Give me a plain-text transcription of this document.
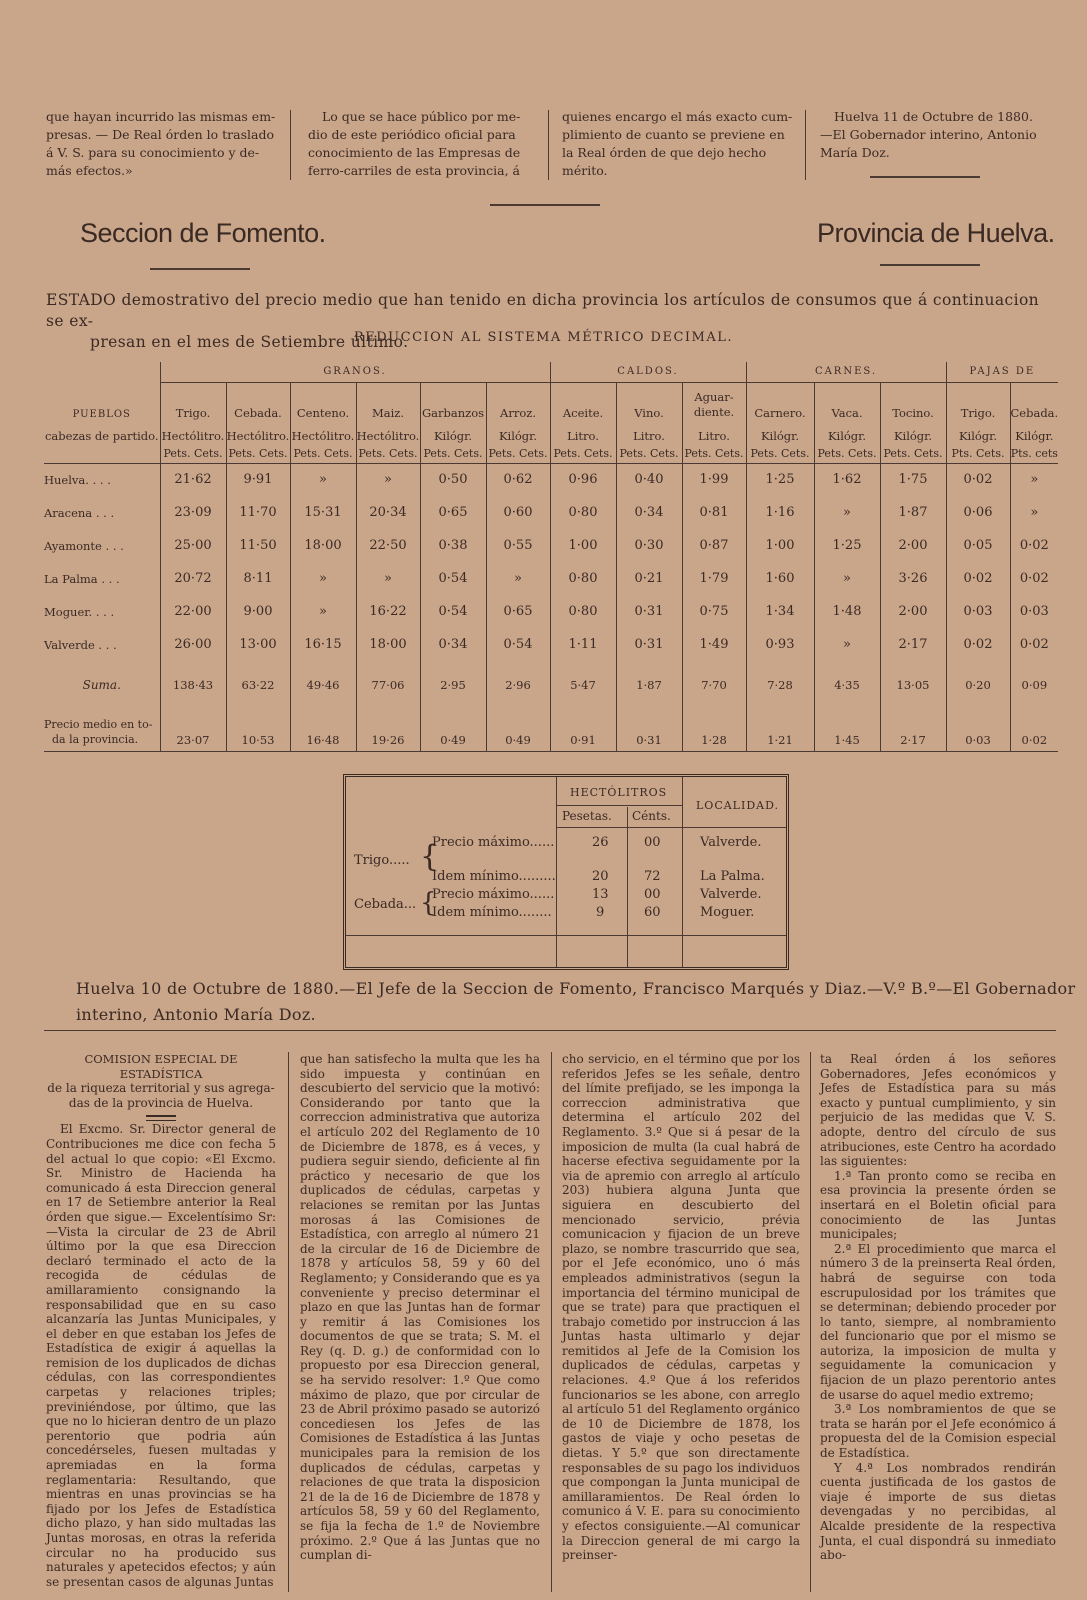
que hayan incurrido las mismas em-

presas. — De Real órden lo traslado

á V. S. para su conocimiento y de-

más efectos.»

Lo que se hace público por me-

dio de este periódico oficial para

conocimiento de las Empresas de

ferro-carriles de esta provincia, á

quienes encargo el más exacto cum-

plimiento de cuanto se previene en

la Real órden de que dejo hecho

mérito.

Huelva 11 de Octubre de 1880.

—El Gobernador interino, Antonio

María Doz.

Seccion de Fomento.	Provincia de Huelva.
ESTADO demostrativo del precio medio que han tenido en dicha provincia los artículos de consumos que á continuacion se ex-
presan en el mes de Setiembre último.
REDUCCION AL SISTEMA MÉTRICO DECIMAL.
	GRANOS.						CALDOS.			CARNES.			PAJAS DE	
PUEBLOS	Trigo.	Cebada.	Centeno.	Maiz.	Garbanzos	Arroz.	Aceite.	Vino.	Aguar-diente.	Carnero.	Vaca.	Tocino.	Trigo.	Cebada.
cabezas de partido.	Hectólitro.	Hectólitro.	Hectólitro.	Hectólitro.	Kilógr.	Kilógr.	Litro.	Litro.	Litro.	Kilógr.	Kilógr.	Kilógr.	Kilógr.	Kilógr.
	Pets. Cets.	Pets. Cets.	Pets. Cets.	Pets. Cets.	Pets. Cets.	Pets. Cets.	Pets. Cets.	Pets. Cets.	Pets. Cets.	Pets. Cets.	Pets. Cets.	Pets. Cets.	Pts. Cets.	Pts. cets
Huelva. . . .	21·62	9·91	»	»	0·50	0·62	0·96	0·40	1·99	1·25	1·62	1·75	0·02	»
Aracena . . .	23·09	11·70	15·31	20·34	0·65	0·60	0·80	0·34	0·81	1·16	»	1·87	0·06	»
Ayamonte . . .	25·00	11·50	18·00	22·50	0·38	0·55	1·00	0·30	0·87	1·00	1·25	2·00	0·05	0·02
La Palma . . .	20·72	8·11	»	»	0·54	»	0·80	0·21	1·79	1·60	»	3·26	0·02	0·02
Moguer. . . .	22·00	9·00	»	16·22	0·54	0·65	0·80	0·31	0·75	1·34	1·48	2·00	0·03	0·03
Valverde . . .	26·00	13·00	16·15	18·00	0·34	0·54	1·11	0·31	1·49	0·93	»	2·17	0·02	0·02
Suma.	138·43	63·22	49·46	77·06	2·95	2·96	5·47	1·87	7·70	7·28	4·35	13·05	0·20	0·09

Precio medio en to-
da la provincia.	23·07	10·53	16·48	19·26	0·49	0·49	0·91	0·31	1·28	1·21	1·45	2·17	0·03	0·02
HECTÓLITROS
LOCALIDAD.
Pesetas. Cénts.
Trigo..... {
Cebada... {
Precio máximo......	26	00	Valverde.
Idem mínimo.........	20	72	La Palma.
Precio máximo......	13	00	Valverde.
Idem mínimo........	9	60	Moguer.
Huelva 10 de Octubre de 1880.—El Jefe de la Seccion de Fomento, Francisco Marqués y Diaz.—V.º B.º—El Gobernador
interino, Antonio María Doz.

COMISION ESPECIAL DE ESTADÍSTICA

de la riqueza territorial y sus agrega-

das de la provincia de Huelva.

El Excmo. Sr. Director general de Contribuciones me dice con fecha 5 del actual lo que copio: «El Excmo. Sr. Ministro de Hacienda ha comunicado á esta Direccion general en 17 de Setiembre anterior la Real órden que sigue.— Excelentísimo Sr:—Vista la circular de 23 de Abril último por la que esa Direccion declaró terminado el acto de la recogida de cédulas de amillaramiento consignando la responsabilidad que en su caso alcanzaría las Juntas Municipales, y el deber en que estaban los Jefes de Estadística de exigir á aquellas la remision de los duplicados de dichas cédulas, con las correspondientes carpetas y relaciones triples; previniéndose, por último, que las que no lo hicieran dentro de un plazo perentorio que podria aún concedérseles, fuesen multadas y apremiadas en la forma reglamentaria: Resultando, que mientras en unas provincias se ha fijado por los Jefes de Estadística dicho plazo, y han sido multadas las Juntas morosas, en otras la referida circular no ha producido sus naturales y apetecidos efectos; y aún se presentan casos de algunas Juntas

que han satisfecho la multa que les ha sido impuesta y continúan en descubierto del servicio que la motivó: Considerando por tanto que la correccion administrativa que autoriza el artículo 202 del Reglamento de 10 de Diciembre de 1878, es á veces, y pudiera seguir siendo, deficiente al fin práctico y necesario de que los duplicados de cédulas, carpetas y relaciones se remitan por las Juntas morosas á las Comisiones de Estadística, con arreglo al número 21 de la circular de 16 de Diciembre de 1878 y artículos 58, 59 y 60 del Reglamento; y Considerando que es ya conveniente y preciso determinar el plazo en que las Juntas han de formar y remitir á las Comisiones los documentos de que se trata; S. M. el Rey (q. D. g.) de conformidad con lo propuesto por esa Direccion general, se ha servido resolver: 1.º Que como máximo de plazo, que por circular de 23 de Abril próximo pasado se autorizó concediesen los Jefes de las Comisiones de Estadística á las Juntas municipales para la remision de los duplicados de cédulas, carpetas y relaciones de que trata la disposicion 21 de la de 16 de Diciembre de 1878 y artículos 58, 59 y 60 del Reglamento, se fija la fecha de 1.º de Noviembre próximo. 2.º Que á las Juntas que no cumplan di-

cho servicio, en el término que por los referidos Jefes se les señale, dentro del límite prefijado, se les imponga la correccion administrativa que determina el artículo 202 del Reglamento. 3.º Que si á pesar de la imposicion de multa (la cual habrá de hacerse efectiva seguidamente por la via de apremio con arreglo al artículo 203) hubiera alguna Junta que siguiera en descubierto del mencionado servicio, prévia comunicacion y fijacion de un breve plazo, se nombre trascurrido que sea, por el Jefe económico, uno ó más empleados administrativos (segun la importancia del término municipal de que se trate) para que practiquen el trabajo cometido por instruccion á las Juntas hasta ultimarlo y dejar remitidos al Jefe de la Comision los duplicados de cédulas, carpetas y relaciones. 4.º Que á los referidos funcionarios se les abone, con arreglo al artículo 51 del Reglamento orgánico de 10 de Diciembre de 1878, los gastos de viaje y ocho pesetas de dietas. Y 5.º que son directamente responsables de su pago los individuos que compongan la Junta municipal de amillaramientos. De Real órden lo comunico á V. E. para su conocimiento y efectos consiguiente.—Al comunicar la Direccion general de mi cargo la preinser-

ta Real órden á los señores Gobernadores, Jefes económicos y Jefes de Estadística para su más exacto y puntual cumplimiento, y sin perjuicio de las medidas que V. S. adopte, dentro del círculo de sus atribuciones, este Centro ha acordado las siguientes:

1.ª Tan pronto como se reciba en esa provincia la presente órden se insertará en el Boletin oficial para conocimiento de las Juntas municipales;

2.ª El procedimiento que marca el número 3 de la preinserta Real órden, habrá de seguirse con toda escrupulosidad por los trámites que se determinan; debiendo proceder por lo tanto, siempre, al nombramiento del funcionario que por el mismo se autoriza, la imposicion de multa y seguidamente la comunicacion y fijacion de un plazo perentorio antes de usarse do aquel medio extremo;

3.ª Los nombramientos de que se trata se harán por el Jefe económico á propuesta del de la Comision especial de Estadística.

Y 4.ª Los nombrados rendirán cuenta justificada de los gastos de viaje é importe de sus dietas devengadas y no percibidas, al Alcalde presidente de la respectiva Junta, el cual dispondrá su inmediato abo-
